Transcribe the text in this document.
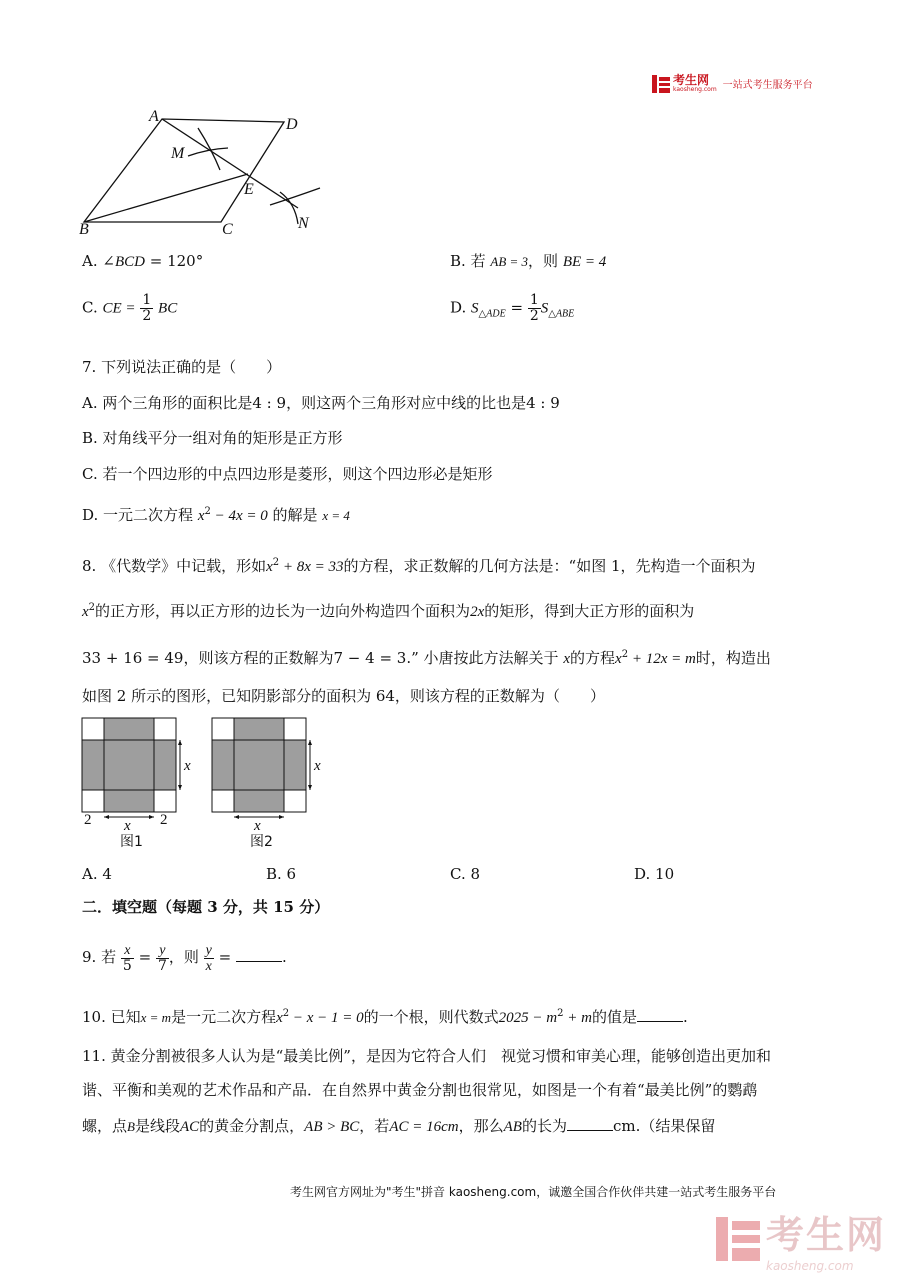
考生网
kaosheng.com 一站式考生服务平台
A	D
M
E
B	C	N
A. ∠BCD = 120°	B. 若 AB = 3，则 BE = 4
C. CE = $\frac{1}{2}$ BC	D. $S_{\triangle ADE} = \frac{1}{2} S_{\triangle ABE}$
7. 下列说法正确的是（　　）
A. 两个三角形的面积比是4 : 9，则这两个三角形对应中线的比也是4 : 9
B. 对角线平分一组对角的矩形是正方形
C. 若一个四边形的中点四边形是菱形，则这个四边形必是矩形
D. 一元二次方程 $x^2 - 4x = 0$ 的解是 x = 4
8. 《代数学》中记载，形如$x^2 + 8x = 33$的方程，求正数解的几何方法是：“如图 1，先构造一个面积为
$x^2$的正方形，再以正方形的边长为一边向外构造四个面积为2x的矩形，得到大正方形的面积为
33 + 16 = 49，则该方程的正数解为7 − 4 = 3.” 小唐按此方法解关于 x的方程$x^2 + 12x = m$时，构造出
如图 2 所示的图形，已知阴影部分的面积为 64，则该方程的正数解为（　　）
x
x
2	2
图1
x
x
图2
A. 4	B. 6	C. 8	D. 10
二．填空题（每题 3 分，共 15 分）
9. 若 $\frac{x}{5} = \frac{y}{7}$ ，则 $\frac{y}{x}$ =	.
10. 已知x = m是一元二次方程$x^2 - x - 1 = 0$的一个根，则代数式$2025 - m^2 + m$的值是	.
11. 黄金分割被很多人认为是“最美比例”，是因为它符合人们　视觉习惯和审美心理，能够创造出更加和
谐、平衡和美观的艺术作品和产品．在自然界中黄金分割也很常见，如图是一个有着“最美比例”的鹦鹉
螺，点B是线段AC的黄金分割点，AB > BC，若AC = 16cm，那么AB的长为	cm.（结果保留
考生网官方网址为"考生"拼音 kaosheng.com，诚邀全国合作伙伴共建一站式考生服务平台
考生网
kaosheng.com
